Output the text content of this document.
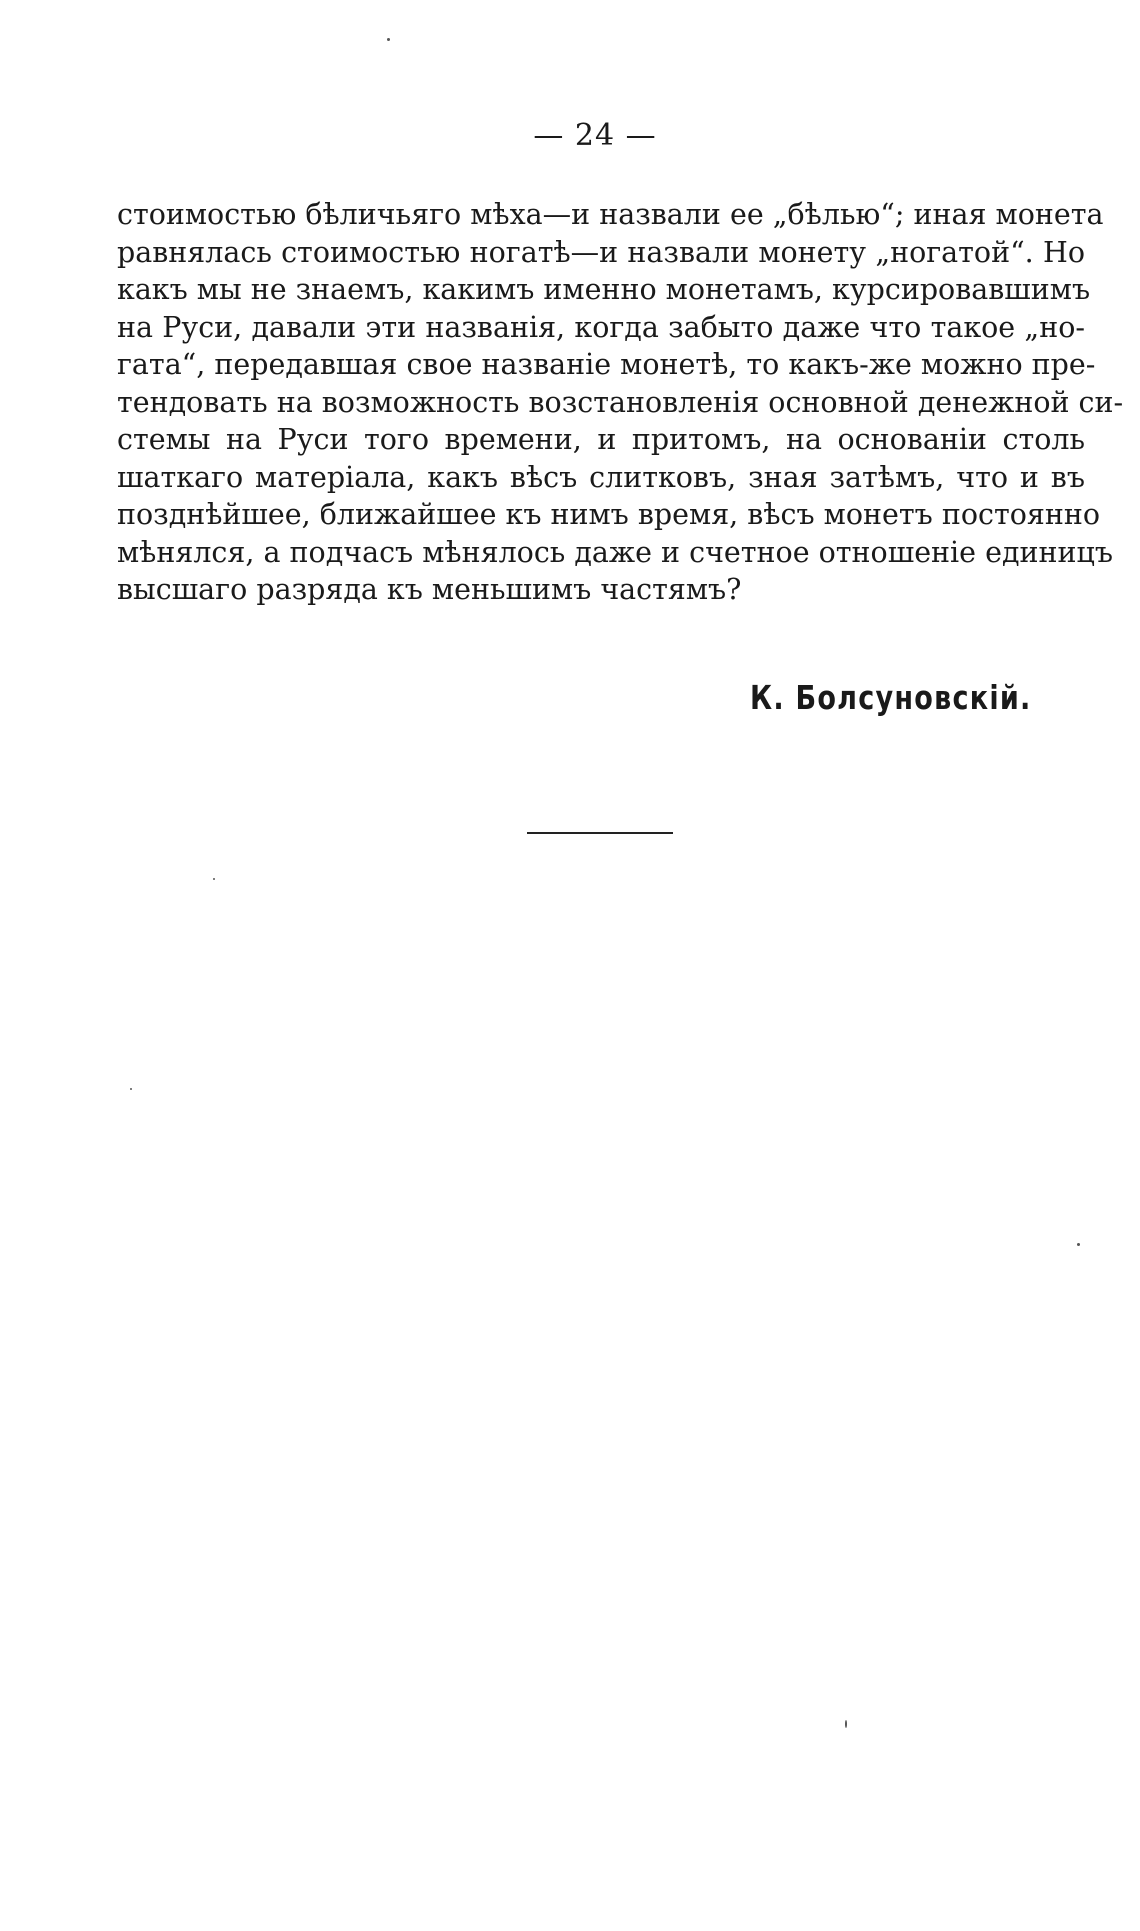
— 24 —
стоимостью бѣличьяго мѣха—и назвали ее „бѣлью“; иная монета
равнялась стоимостью ногатѣ—и назвали монету „ногатой“. Но
какъ мы не знаемъ, какимъ именно монетамъ, курсировавшимъ
на Руси, давали эти названія, когда забыто даже что такое „но-
гата“, передавшая свое названіе монетѣ, то какъ-же можно пре-
тендовать на возможность возстановленія основной денежной си-
стемы на Руси того времени, и притомъ, на основаніи столь
шаткаго матеріала, какъ вѣсъ слитковъ, зная затѣмъ, что и въ
позднѣйшее, ближайшее къ нимъ время, вѣсъ монетъ постоянно
мѣнялся, а подчасъ мѣнялось даже и счетное отношеніе единицъ
высшаго разряда къ меньшимъ частямъ?
К. Болсуновскій.
